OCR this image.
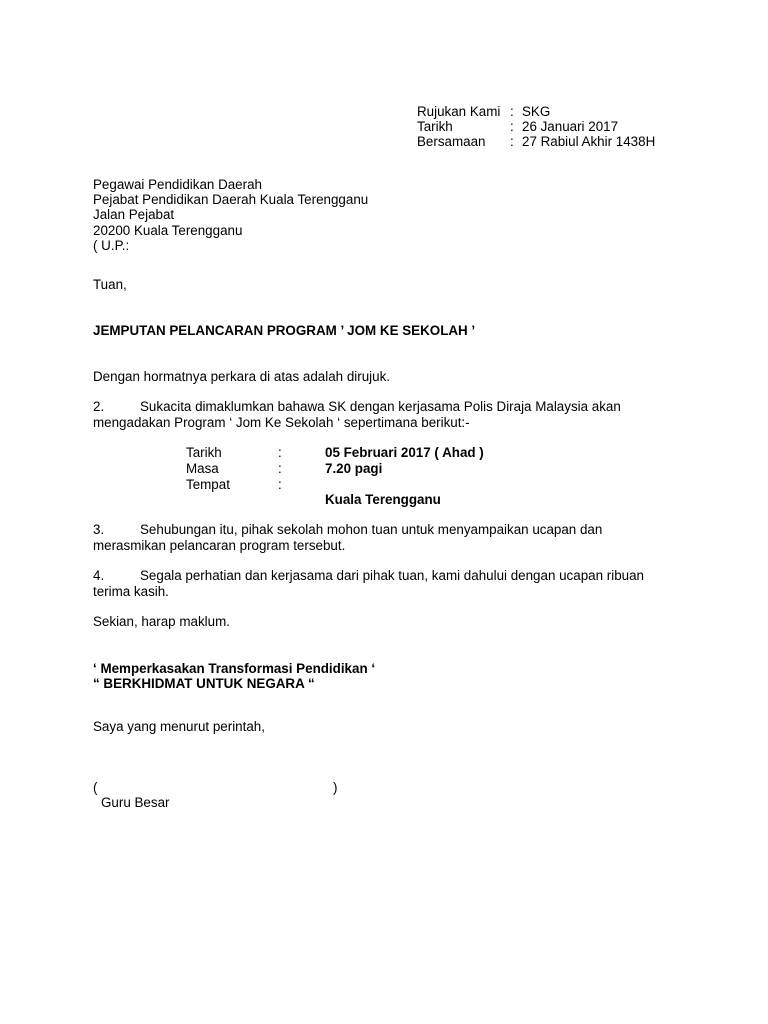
Rujukan Kami : SKG
Tarikh	: 26 Januari 2017
Bersamaan : 27 Rabiul Akhir 1438H
Pegawai Pendidikan Daerah
Pejabat Pendidikan Daerah Kuala Terengganu
Jalan Pejabat
20200 Kuala Terengganu
( U.P.:
Tuan,
JEMPUTAN PELANCARAN PROGRAM ’ JOM KE SEKOLAH ’
Dengan hormatnya perkara di atas adalah dirujuk.
2.	Sukacita dimaklumkan bahawa SK dengan kerjasama Polis Diraja Malaysia akan
mengadakan Program ‘ Jom Ke Sekolah ‘ sepertimana berikut:-
Tarikh	:	05 Februari 2017 ( Ahad )
Masa	:	7.20 pagi
Tempat	:
Kuala Terengganu
3.	Sehubungan itu, pihak sekolah mohon tuan untuk menyampaikan ucapan dan
merasmikan pelancaran program tersebut.
4.	Segala perhatian dan kerjasama dari pihak tuan, kami dahului dengan ucapan ribuan
terima kasih.
Sekian, harap maklum.
‘ Memperkasakan Transformasi Pendidikan ‘
“ BERKHIDMAT UNTUK NEGARA “
Saya yang menurut perintah,
(	)
Guru Besar
